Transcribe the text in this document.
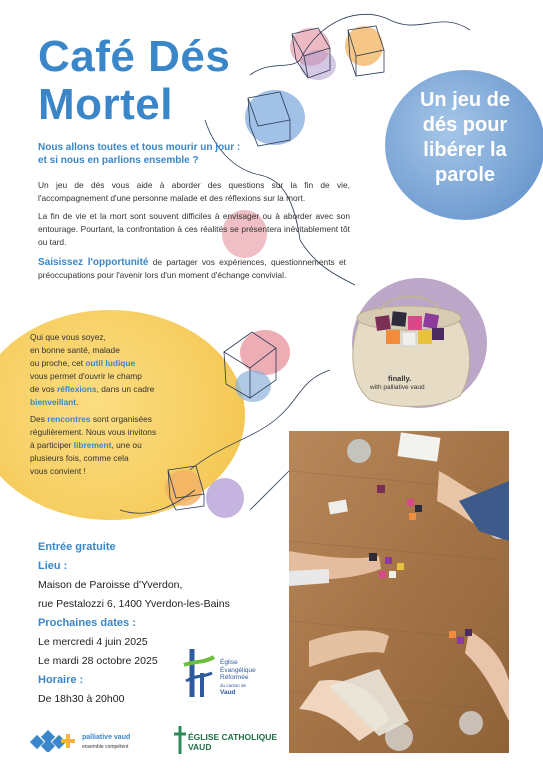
Café Dés
Mortel	Un jeu de dés pour libérer la parole
Nous allons toutes et tous mourir un jour :
et si nous en parlions ensemble ?
Un jeu de dés vous aide à aborder des questions sur la fin de vie, l'accompagnement d'une personne malade et des réflexions sur la mort.
La fin de vie et la mort sont souvent difficiles à envisager ou à aborder avec son entourage. Pourtant, la confrontation à ces réalités se présentera inévitablement tôt ou tard.
Saisissez l'opportunité de partager vos expériences, questionnements et préoccupations pour l'avenir lors d'un moment d'échange convivial.
Qui que vous soyez,
en bonne santé, malade
ou proche, cet outil ludique
vous permet d'ouvrir le champ
de vos réflexions, dans un cadre
bienveillant.
Des rencontres sont organisées
régulièrement. Nous vous invitons
à participer librement, une ou
plusieurs fois, comme cela
vous convient !
finally.
with palliative vaud
Entrée gratuite
Lieu :
Maison de Paroisse d'Yverdon,
rue Pestalozzi 6, 1400 Yverdon-les-Bains
Prochaines dates :
Le mercredi 4 juin 2025
Le mardi 28 octobre 2025
Horaire :
De 18h30 à 20h00
Église
Évangélique
Réformée
du canton de
Vaud
palliative vaud
ensemble compétent
ÉGLISE CATHOLIQUE
VAUD
